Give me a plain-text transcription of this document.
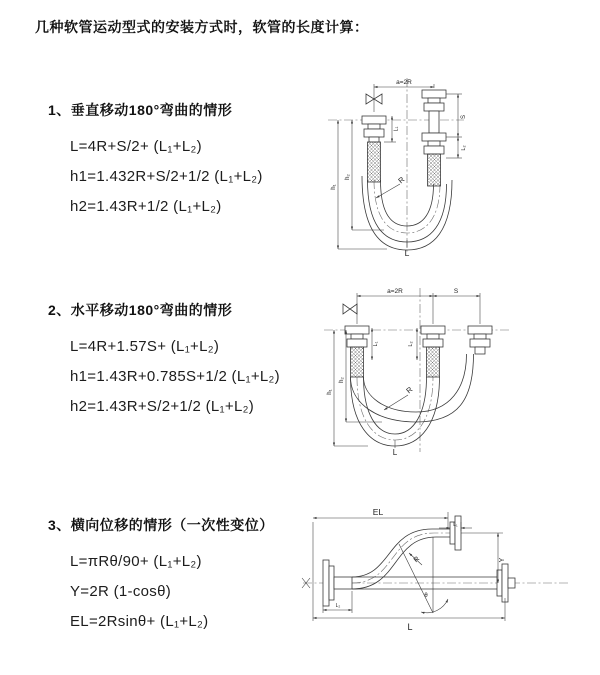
几种软管运动型式的安装方式时，软管的长度计算：

1、垂直移动180°弯曲的情形

L=4R+S/2+ (L₁+L₂)

h1=1.432R+S/2+1/2 (L₁+L₂)

h2=1.43R+1/2 (L₁+L₂)

a=2R
S
L₂
L₁
h₂
h₁
R
L

2、水平移动180°弯曲的情形

L=4R+1.57S+ (L₁+L₂)

h1=1.43R+0.785S+1/2 (L₁+L₂)

h2=1.43R+S/2+1/2 (L₁+L₂)

a=2R	S
L₁	L₂
h₂
h₁	R
L

3、横向位移的情形（一次性变位）

L=πRθ/90+ (L₁+L₂)

Y=2R (1-cosθ)

EL=2Rsinθ+ (L₁+L₂)

θ
EL
L₁
Y
R
L₂
L
